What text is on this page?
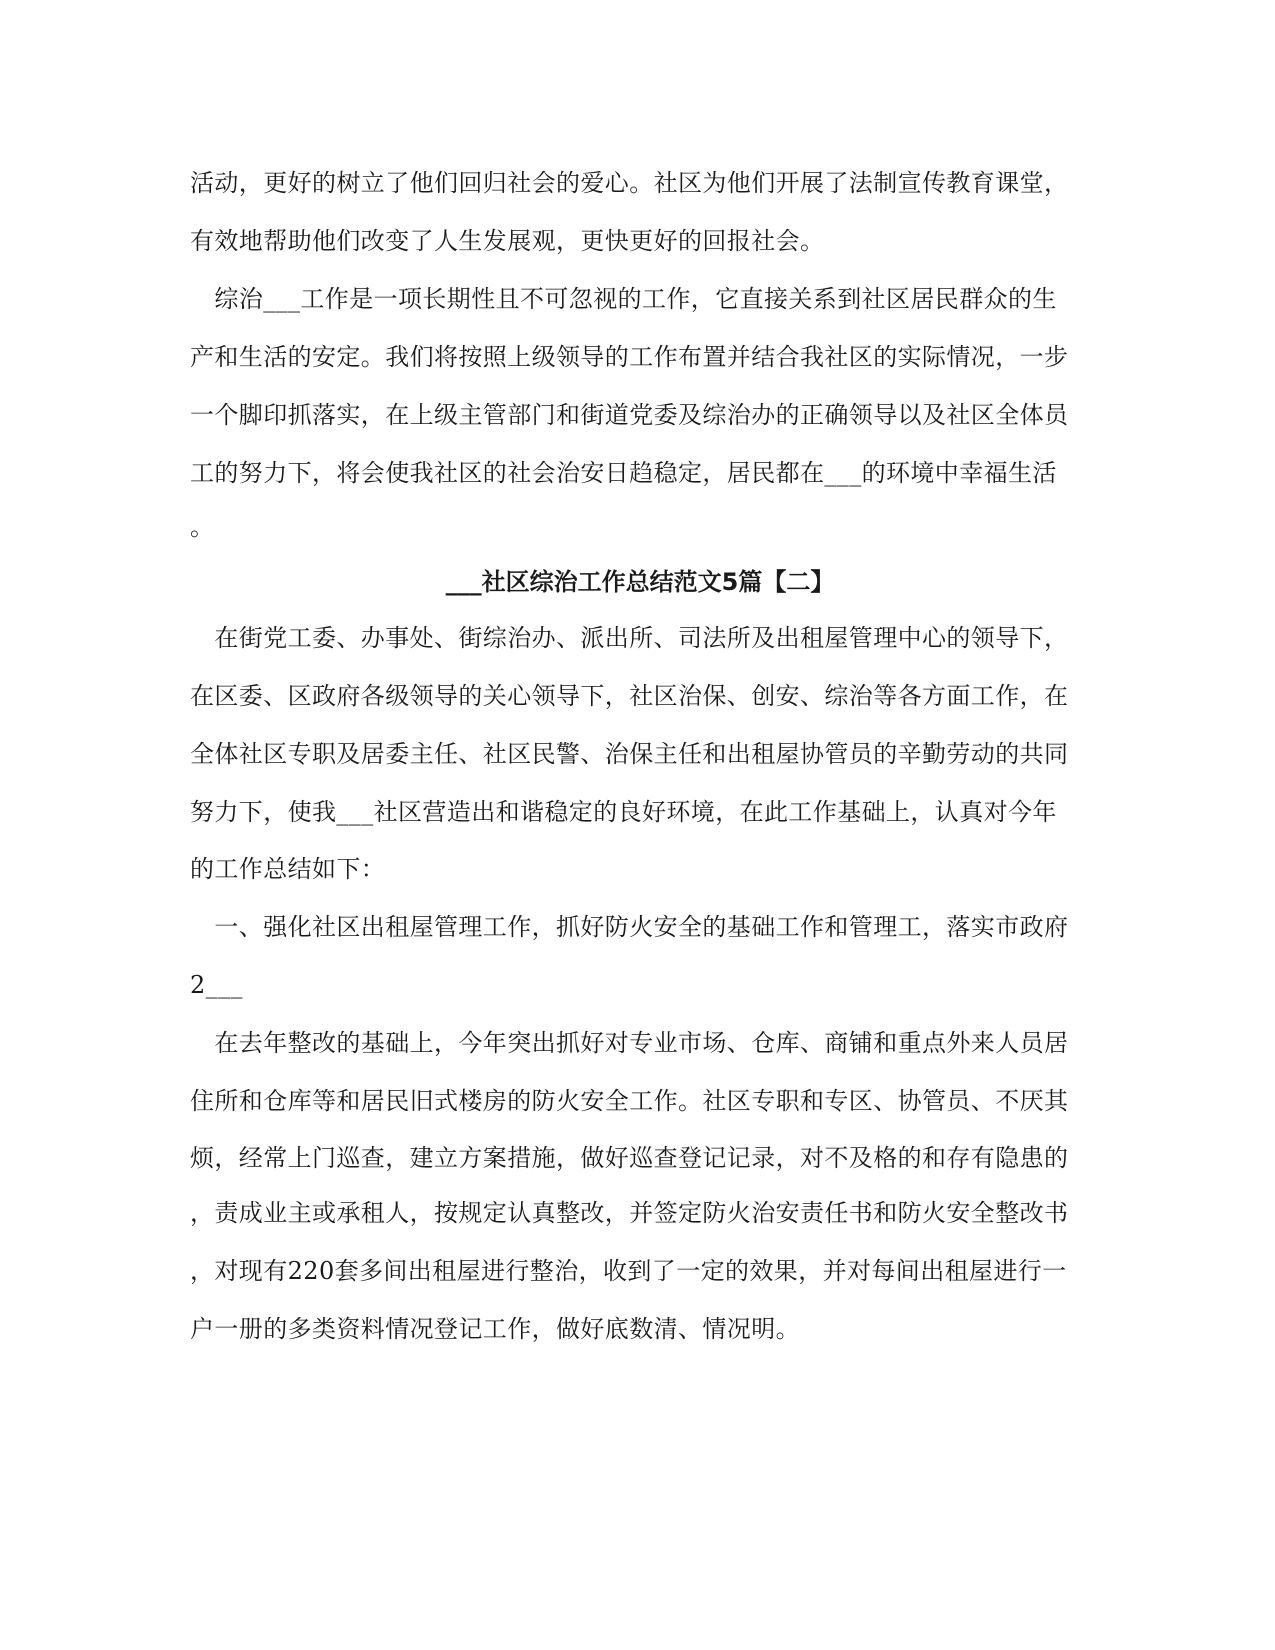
活动，更好的树立了他们回归社会的爱心。社区为他们开展了法制宣传教育课堂，
有效地帮助他们改变了人生发展观，更快更好的回报社会。
　综治___工作是一项长期性且不可忽视的工作，它直接关系到社区居民群众的生
产和生活的安定。我们将按照上级领导的工作布置并结合我社区的实际情况，一步
一个脚印抓落实，在上级主管部门和街道党委及综治办的正确领导以及社区全体员
工的努力下，将会使我社区的社会治安日趋稳定，居民都在___的环境中幸福生活
。
___社区综治工作总结范文5篇【二】
　在街党工委、办事处、街综治办、派出所、司法所及出租屋管理中心的领导下，
在区委、区政府各级领导的关心领导下，社区治保、创安、综治等各方面工作，在
全体社区专职及居委主任、社区民警、治保主任和出租屋协管员的辛勤劳动的共同
努力下，使我___社区营造出和谐稳定的良好环境，在此工作基础上，认真对今年
的工作总结如下：
　一、强化社区出租屋管理工作，抓好防火安全的基础工作和管理工，落实市政府
2___
　在去年整改的基础上，今年突出抓好对专业市场、仓库、商铺和重点外来人员居
住所和仓库等和居民旧式楼房的防火安全工作。社区专职和专区、协管员、不厌其
烦，经常上门巡查，建立方案措施，做好巡查登记记录，对不及格的和存有隐患的
，责成业主或承租人，按规定认真整改，并签定防火治安责任书和防火安全整改书
，对现有220套多间出租屋进行整治，收到了一定的效果，并对每间出租屋进行一
户一册的多类资料情况登记工作，做好底数清、情况明。
